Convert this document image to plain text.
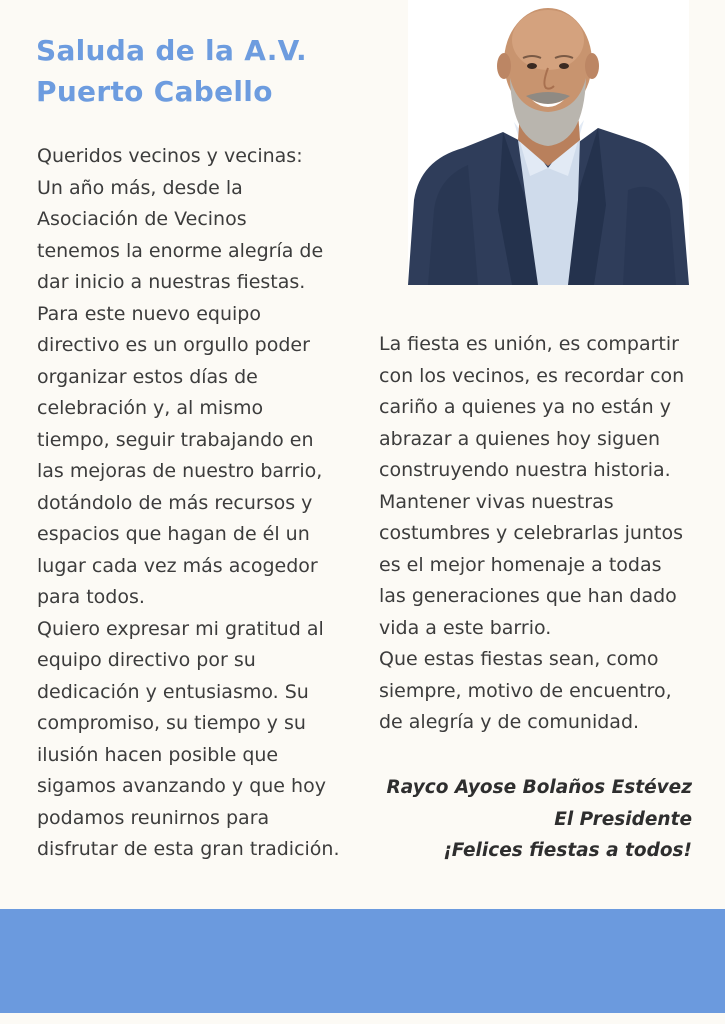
Saluda de la A.V.
Puerto Cabello
Queridos vecinos y vecinas:
Un año más, desde la
Asociación de Vecinos
tenemos la enorme alegría de
dar inicio a nuestras fiestas.
Para este nuevo equipo
directivo es un orgullo poder
organizar estos días de
celebración y, al mismo
tiempo, seguir trabajando en
las mejoras de nuestro barrio,
dotándolo de más recursos y
espacios que hagan de él un
lugar cada vez más acogedor
para todos.
Quiero expresar mi gratitud al
equipo directivo por su
dedicación y entusiasmo. Su
compromiso, su tiempo y su
ilusión hacen posible que
sigamos avanzando y que hoy
podamos reunirnos para
disfrutar de esta gran tradición.
La fiesta es unión, es compartir
con los vecinos, es recordar con
cariño a quienes ya no están y
abrazar a quienes hoy siguen
construyendo nuestra historia.
Mantener vivas nuestras
costumbres y celebrarlas juntos
es el mejor homenaje a todas
las generaciones que han dado
vida a este barrio.
Que estas fiestas sean, como
siempre, motivo de encuentro,
de alegría y de comunidad.
Rayco Ayose Bolaños Estévez
El Presidente
¡Felices fiestas a todos!
